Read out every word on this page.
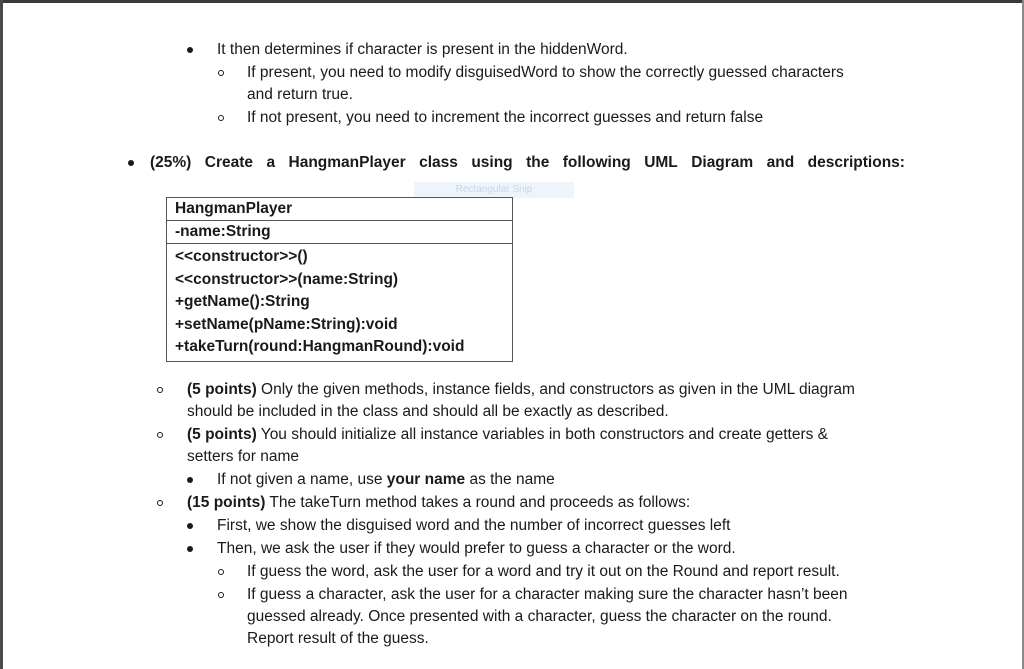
It then determines if character is present in the hiddenWord.
If present, you need to modify disguisedWord to show the correctly guessed characters
and return true.
If not present, you need to increment the incorrect guesses and return false
(25%) Create a HangmanPlayer class using the following UML Diagram and descriptions:
Rectangular Snip
HangmanPlayer
-name:String
<<constructor>>()
<<constructor>>(name:String)
+getName():String
+setName(pName:String):void
+takeTurn(round:HangmanRound):void
(5 points) Only the given methods, instance fields, and constructors as given in the UML diagram
should be included in the class and should all be exactly as described.
(5 points) You should initialize all instance variables in both constructors and create getters &
setters for name
If not given a name, use your name as the name
(15 points) The takeTurn method takes a round and proceeds as follows:
First, we show the disguised word and the number of incorrect guesses left
Then, we ask the user if they would prefer to guess a character or the word.
If guess the word, ask the user for a word and try it out on the Round and report result.
If guess a character, ask the user for a character making sure the character hasn’t been
guessed already. Once presented with a character, guess the character on the round.
Report result of the guess.
